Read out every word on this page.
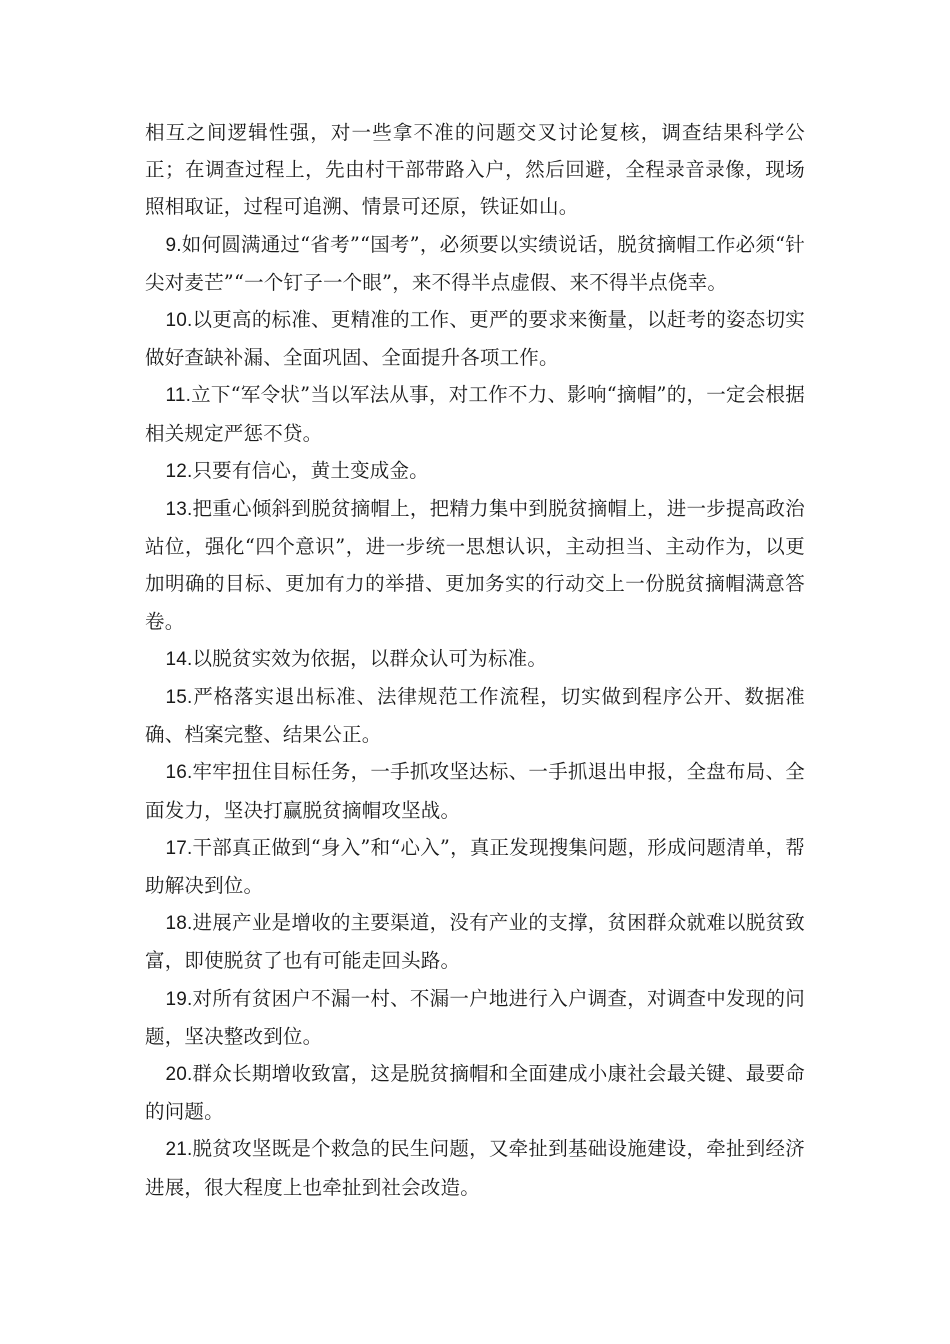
相互之间逻辑性强，对一些拿不准的问题交叉讨论复核，调查结果科学公正；在调查过程上，先由村干部带路入户，然后回避，全程录音录像，现场照相取证，过程可追溯、情景可还原，铁证如山。

9.如何圆满通过“省考”“国考”，必须要以实绩说话，脱贫摘帽工作必须“针尖对麦芒”“一个钉子一个眼”，来不得半点虚假、来不得半点侥幸。

10.以更高的标准、更精准的工作、更严的要求来衡量，以赶考的姿态切实做好查缺补漏、全面巩固、全面提升各项工作。

11.立下“军令状”当以军法从事，对工作不力、影响“摘帽”的，一定会根据相关规定严惩不贷。

12.只要有信心，黄土变成金。

13.把重心倾斜到脱贫摘帽上，把精力集中到脱贫摘帽上，进一步提高政治站位，强化“四个意识”，进一步统一思想认识，主动担当、主动作为，以更加明确的目标、更加有力的举措、更加务实的行动交上一份脱贫摘帽满意答卷。

14.以脱贫实效为依据，以群众认可为标准。

15.严格落实退出标准、法律规范工作流程，切实做到程序公开、数据准确、档案完整、结果公正。

16.牢牢扭住目标任务，一手抓攻坚达标、一手抓退出申报，全盘布局、全面发力，坚决打赢脱贫摘帽攻坚战。

17.干部真正做到“身入”和“心入”，真正发现搜集问题，形成问题清单，帮助解决到位。

18.进展产业是增收的主要渠道，没有产业的支撑，贫困群众就难以脱贫致富，即使脱贫了也有可能走回头路。

19.对所有贫困户不漏一村、不漏一户地进行入户调查，对调查中发现的问题，坚决整改到位。

20.群众长期增收致富，这是脱贫摘帽和全面建成小康社会最关键、最要命的问题。

21.脱贫攻坚既是个救急的民生问题，又牵扯到基础设施建设，牵扯到经济进展，很大程度上也牵扯到社会改造。
